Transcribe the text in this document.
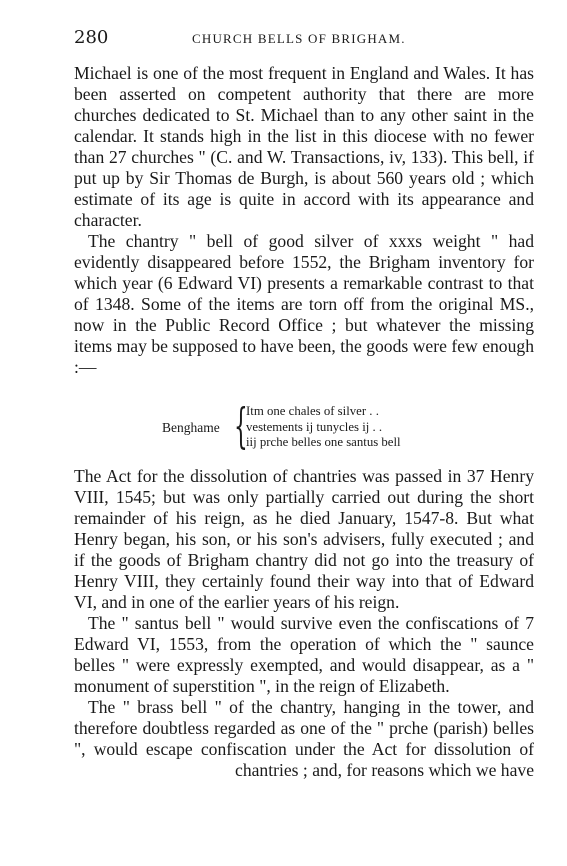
280	CHURCH BELLS OF BRIGHAM.

Michael is one of the most frequent in England and Wales. It has been asserted on competent authority that there are more churches dedicated to St. Michael than to any other saint in the calendar. It stands high in the list in this diocese with no fewer than 27 churches " (C. and W. Transactions, iv, 133). This bell, if put up by Sir Thomas de Burgh, is about 560 years old ; which estimate of its age is quite in accord with its appearance and character.

The chantry " bell of good silver of xxxs weight " had evidently disappeared before 1552, the Brigham inventory for which year (6 Edward VI) presents a remarkable contrast to that of 1348. Some of the items are torn off from the original MS., now in the Public Record Office ; but whatever the missing items may be supposed to have been, the goods were few enough :—

Benghame {
Itm one chales of silver . .
vestements ij tunycles ij . .
iij prche belles one santus bell

The Act for the dissolution of chantries was passed in 37 Henry VIII, 1545; but was only partially carried out during the short remainder of his reign, as he died January, 1547-8. But what Henry began, his son, or his son's advisers, fully executed ; and if the goods of Brigham chantry did not go into the treasury of Henry VIII, they certainly found their way into that of Edward VI, and in one of the earlier years of his reign.

The " santus bell " would survive even the confiscations of 7 Edward VI, 1553, from the operation of which the " saunce belles " were expressly exempted, and would disappear, as a " monument of superstition ", in the reign of Elizabeth.

The " brass bell " of the chantry, hanging in the tower, and therefore doubtless regarded as one of the " prche (parish) belles ", would escape confiscation under the Act for dissolution of chantries ; and, for reasons which we have
